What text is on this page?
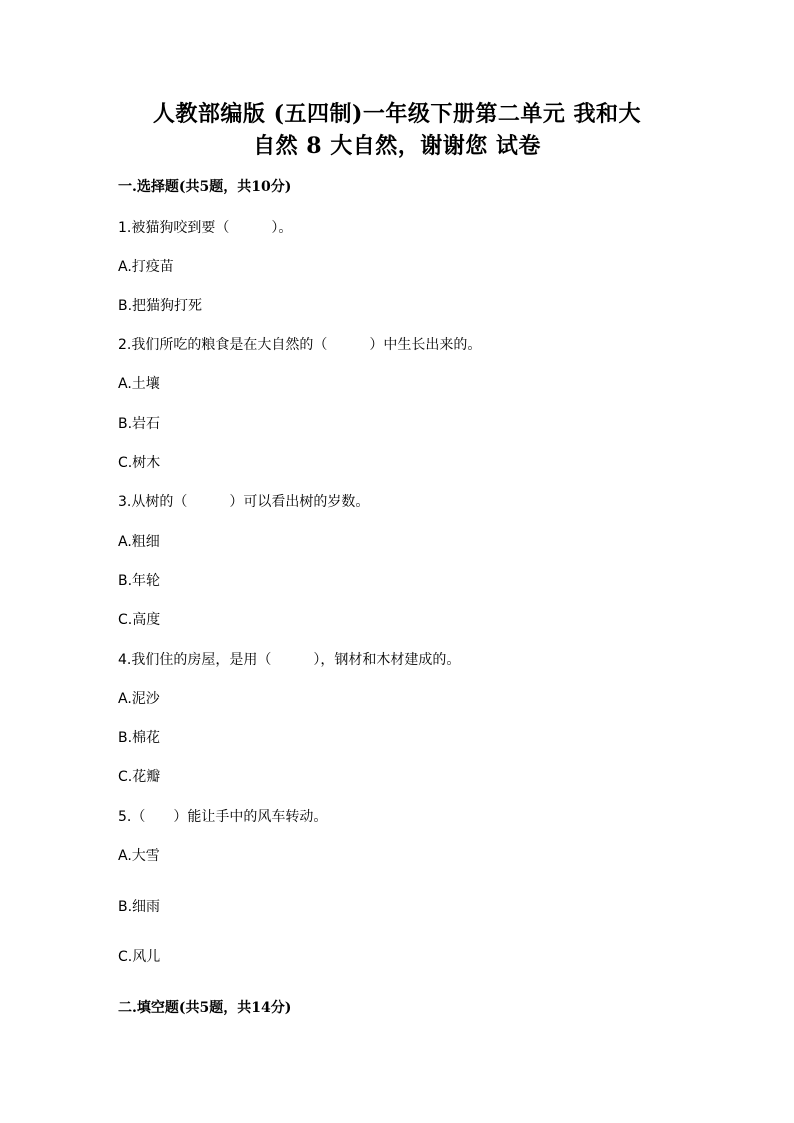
人教部编版 (五四制)一年级下册第二单元 我和大
自然 8 大自然，谢谢您 试卷
一.选择题(共5题，共10分)
1.被猫狗咬到要（　　　）。
A.打疫苗
B.把猫狗打死
2.我们所吃的粮食是在大自然的（　　　）中生长出来的。
A.土壤
B.岩石
C.树木
3.从树的（　　　）可以看出树的岁数。
A.粗细
B.年轮
C.高度
4.我们住的房屋，是用（　　　），钢材和木材建成的。
A.泥沙
B.棉花
C.花瓣
5.（　　）能让手中的风车转动。
A.大雪
B.细雨
C.风儿
二.填空题(共5题，共14分)
